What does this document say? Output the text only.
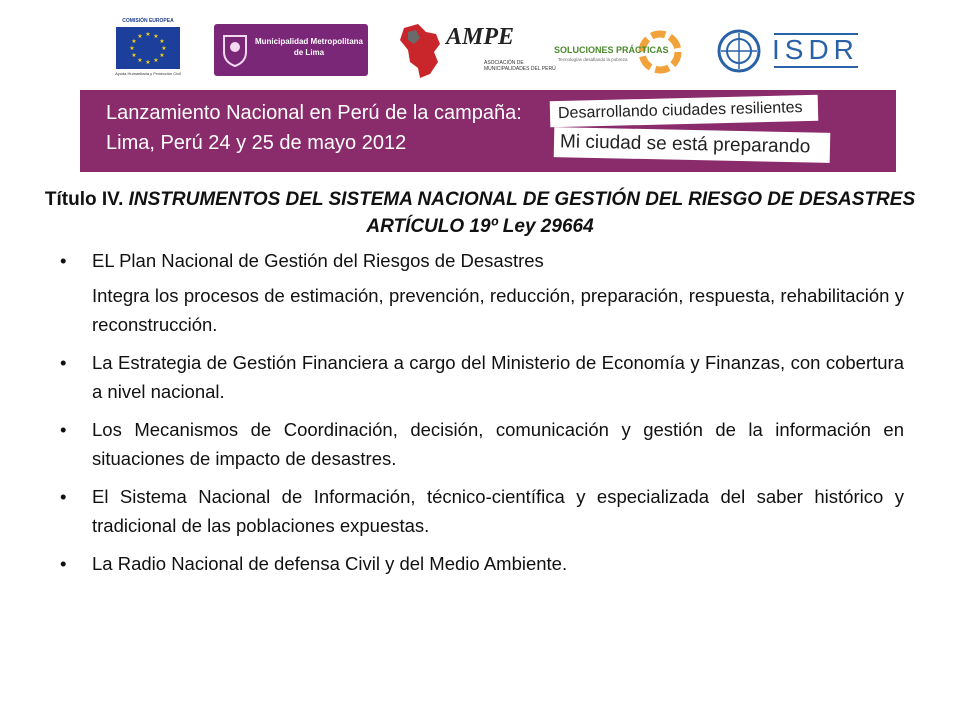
COMISIÓN EUROPEA
★ ★
★
★
★
★
★
★
★
★
★
★
Ayuda Humanitaria y Protección Civil
Municipalidad Metropolitana
de Lima
AMPE
ASOCIACIÓN DE
MUNICIPALIDADES DEL PERÚ
SOLUCIONES PRÁCTICAS
Tecnologías desafiando la pobreza	ISDR
Lanzamiento Nacional en Perú de la campaña:
Lima, Perú 24 y 25 de mayo 2012
Desarrollando ciudades resilientes
Mi ciudad se está preparando
Título IV. INSTRUMENTOS DEL SISTEMA NACIONAL DE GESTIÓN DEL RIESGO DE DESASTRES ARTÍCULO 19º Ley 29664
• EL Plan Nacional de Gestión del Riesgos de Desastres
Integra los procesos de estimación, prevención, reducción, preparación, respuesta, rehabilitación y reconstrucción.
• La Estrategia de Gestión Financiera a cargo del Ministerio de Economía y Finanzas, con cobertura a nivel nacional.
• Los Mecanismos de Coordinación, decisión, comunicación y gestión de la información en situaciones de impacto de desastres.
• El Sistema Nacional de Información, técnico-científica y especializada del saber histórico y tradicional de las poblaciones expuestas.
• La Radio Nacional de defensa Civil y del Medio Ambiente.
